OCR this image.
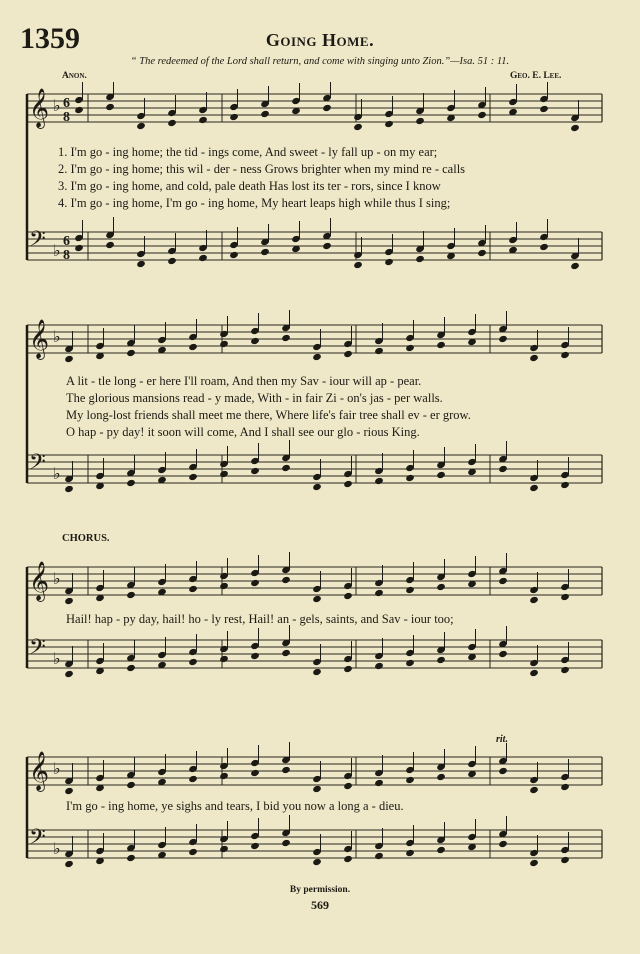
1359	Going Home.
“ The redeemed of the Lord shall return, and come with singing unto Zion.”—Isa. 51 : 11.
Anon.	Geo. E. Lee.
𝄞 ♭ 6
8
𝄢 ♭ 6
8
1. I'm go - ing home; the tid - ings come, And sweet - ly fall up - on my ear;
2. I'm go - ing home; this wil - der - ness Grows brighter when my mind re - calls
3. I'm go - ing home, and cold, pale death Has lost its ter - rors, since I know
4. I'm go - ing home, I'm go - ing home, My heart leaps high while thus I sing;
𝄞 ♭
𝄢 ♭
A lit - tle long - er here I'll roam, And then my Sav - iour will ap - pear.
The glorious mansions read - y made, With - in fair Zi - on's jas - per walls.
My long-lost friends shall meet me there, Where life's fair tree shall ev - er grow.
O hap - py day! it soon will come, And I shall see our glo - rious King.
CHORUS.
𝄞 ♭
𝄢 ♭
Hail! hap - py day, hail! ho - ly rest, Hail! an - gels, saints, and Sav - iour too;
𝄞 ♭
𝄢 ♭
I'm go - ing home, ye sighs and tears, I bid you now a long a - dieu.
rit.
By permission.
569
